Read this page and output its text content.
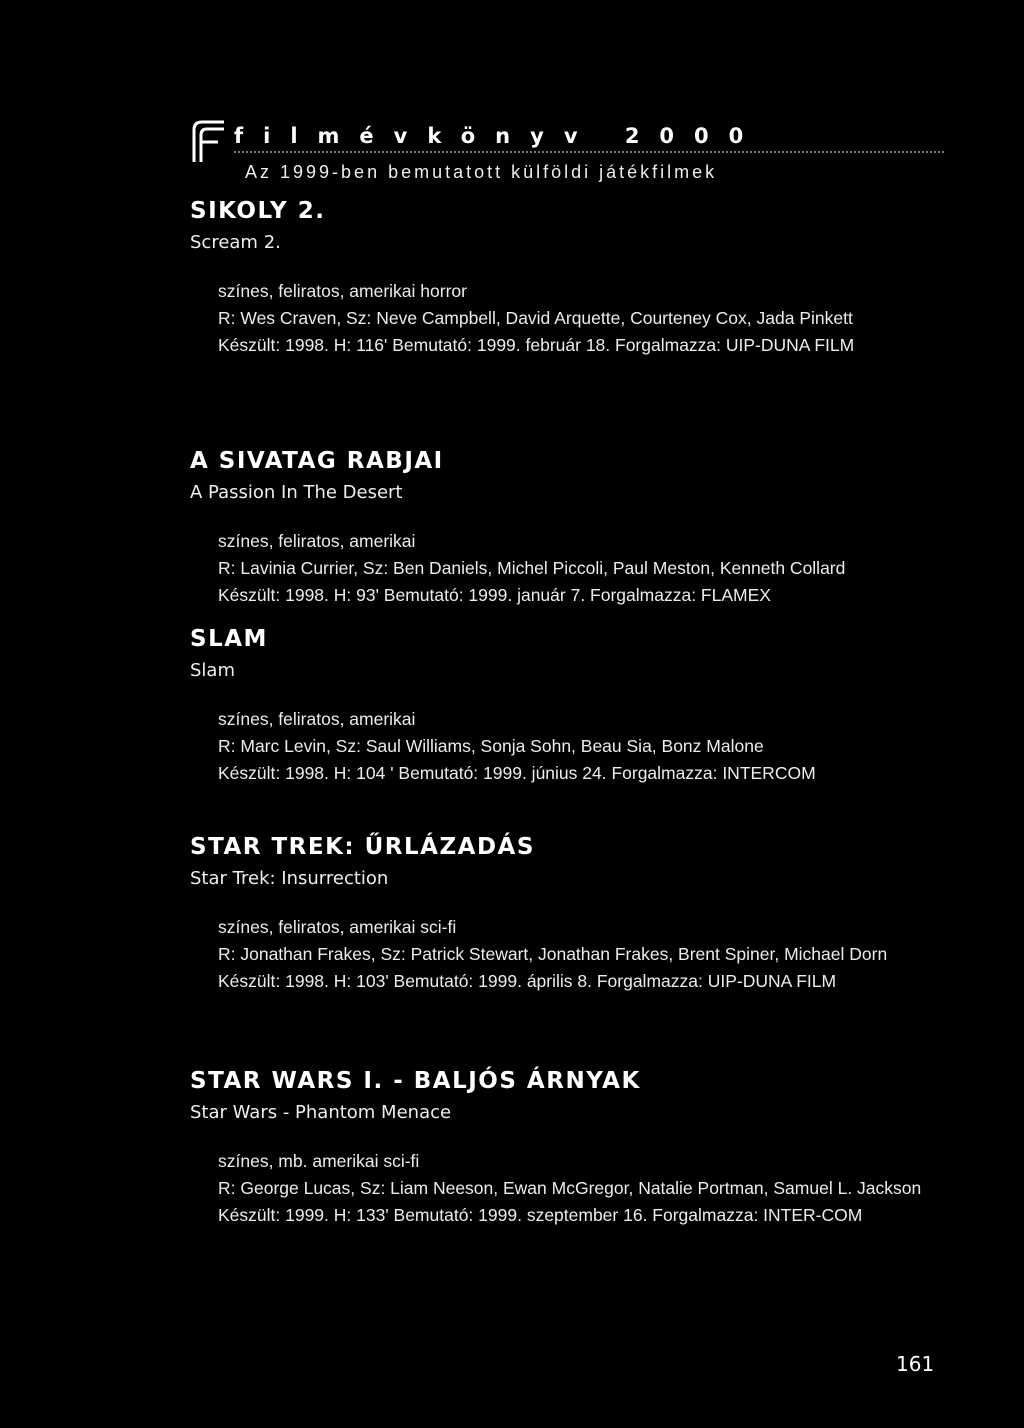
filmévkönyv 2000
Az 1999-ben bemutatott külföldi játékfilmek
SIKOLY 2.
Scream 2.

színes, feliratos, amerikai horror

R: Wes Craven, Sz: Neve Campbell, David Arquette, Courteney Cox, Jada Pinkett

Készült: 1998. H: 116' Bemutató: 1999. február 18. Forgalmazza: UIP-DUNA FILM

A SIVATAG RABJAI
A Passion In The Desert

színes, feliratos, amerikai

R: Lavinia Currier, Sz: Ben Daniels, Michel Piccoli, Paul Meston, Kenneth Collard

Készült: 1998. H: 93' Bemutató: 1999. január 7. Forgalmazza: FLAMEX

SLAM
Slam

színes, feliratos, amerikai

R: Marc Levin, Sz: Saul Williams, Sonja Sohn, Beau Sia, Bonz Malone

Készült: 1998. H: 104 ' Bemutató: 1999. június 24. Forgalmazza: INTERCOM

STAR TREK: ŰRLÁZADÁS
Star Trek: Insurrection

színes, feliratos, amerikai sci-fi

R: Jonathan Frakes, Sz: Patrick Stewart, Jonathan Frakes, Brent Spiner, Michael Dorn

Készült: 1998. H: 103' Bemutató: 1999. április 8. Forgalmazza: UIP-DUNA FILM

STAR WARS I. - BALJÓS ÁRNYAK
Star Wars - Phantom Menace

színes, mb. amerikai sci-fi

R: George Lucas, Sz: Liam Neeson, Ewan McGregor, Natalie Portman, Samuel L. Jackson

Készült: 1999. H: 133' Bemutató: 1999. szeptember 16. Forgalmazza: INTER-COM

161
